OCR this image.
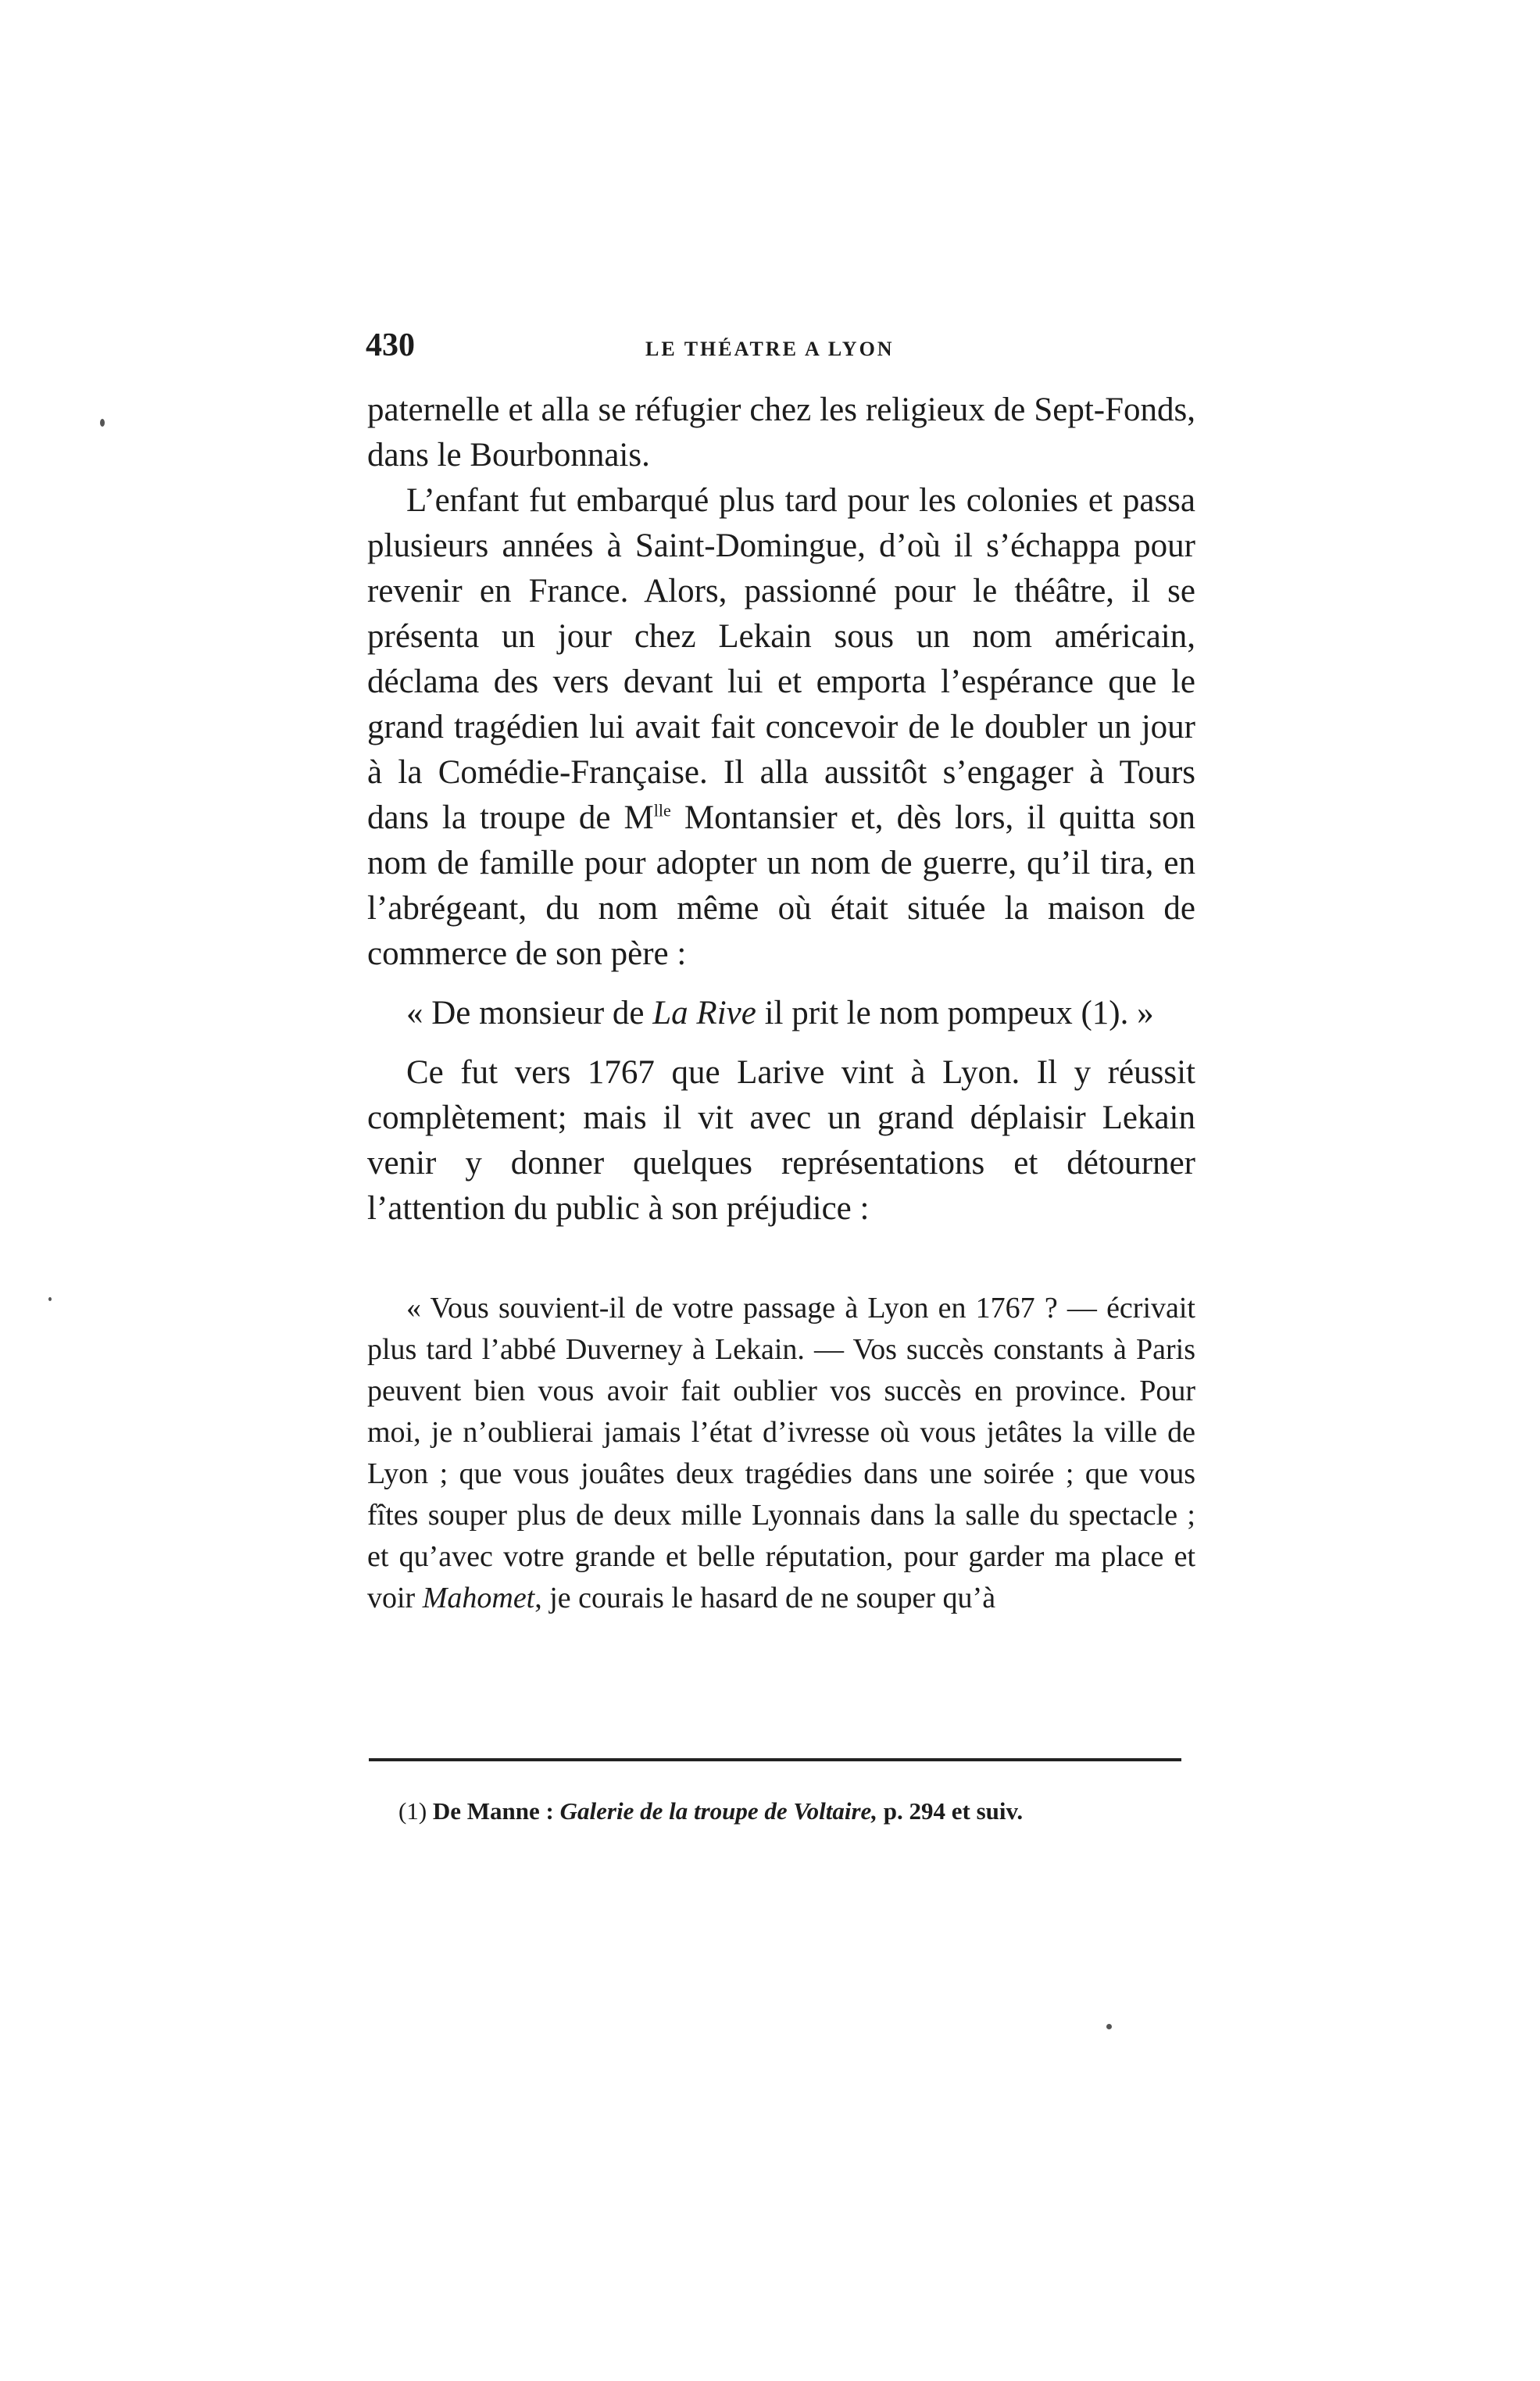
430	LE THÉATRE A LYON

paternelle et alla se réfugier chez les religieux de Sept-Fonds, dans le Bourbonnais.

L’enfant fut embarqué plus tard pour les colonies et passa plusieurs années à Saint-Domingue, d’où il s’échappa pour revenir en France. Alors, passionné pour le théâtre, il se présenta un jour chez Lekain sous un nom américain, déclama des vers devant lui et emporta l’espérance que le grand tragédien lui avait fait concevoir de le doubler un jour à la Comédie-Française. Il alla aussitôt s’engager à Tours dans la troupe de $M^{lle}$ Montansier et, dès lors, il quitta son nom de famille pour adopter un nom de guerre, qu’il tira, en l’abrégeant, du nom même où était située la maison de commerce de son père :

« De monsieur de La Rive il prit le nom pompeux (1). »

Ce fut vers 1767 que Larive vint à Lyon. Il y réussit complètement; mais il vit avec un grand déplaisir Lekain venir y donner quelques représentations et détourner l’attention du public à son préjudice :

« Vous souvient-il de votre passage à Lyon en 1767 ? — écrivait plus tard l’abbé Duverney à Lekain. — Vos succès constants à Paris peuvent bien vous avoir fait oublier vos succès en province. Pour moi, je n’oublierai jamais l’état d’ivresse où vous jetâtes la ville de Lyon ; que vous jouâtes deux tragédies dans une soirée ; que vous fîtes souper plus de deux mille Lyonnais dans la salle du spectacle ; et qu’avec votre grande et belle réputation, pour garder ma place et voir Mahomet, je courais le hasard de ne souper qu’à

(1) De Manne : Galerie de la troupe de Voltaire, p. 294 et suiv.
